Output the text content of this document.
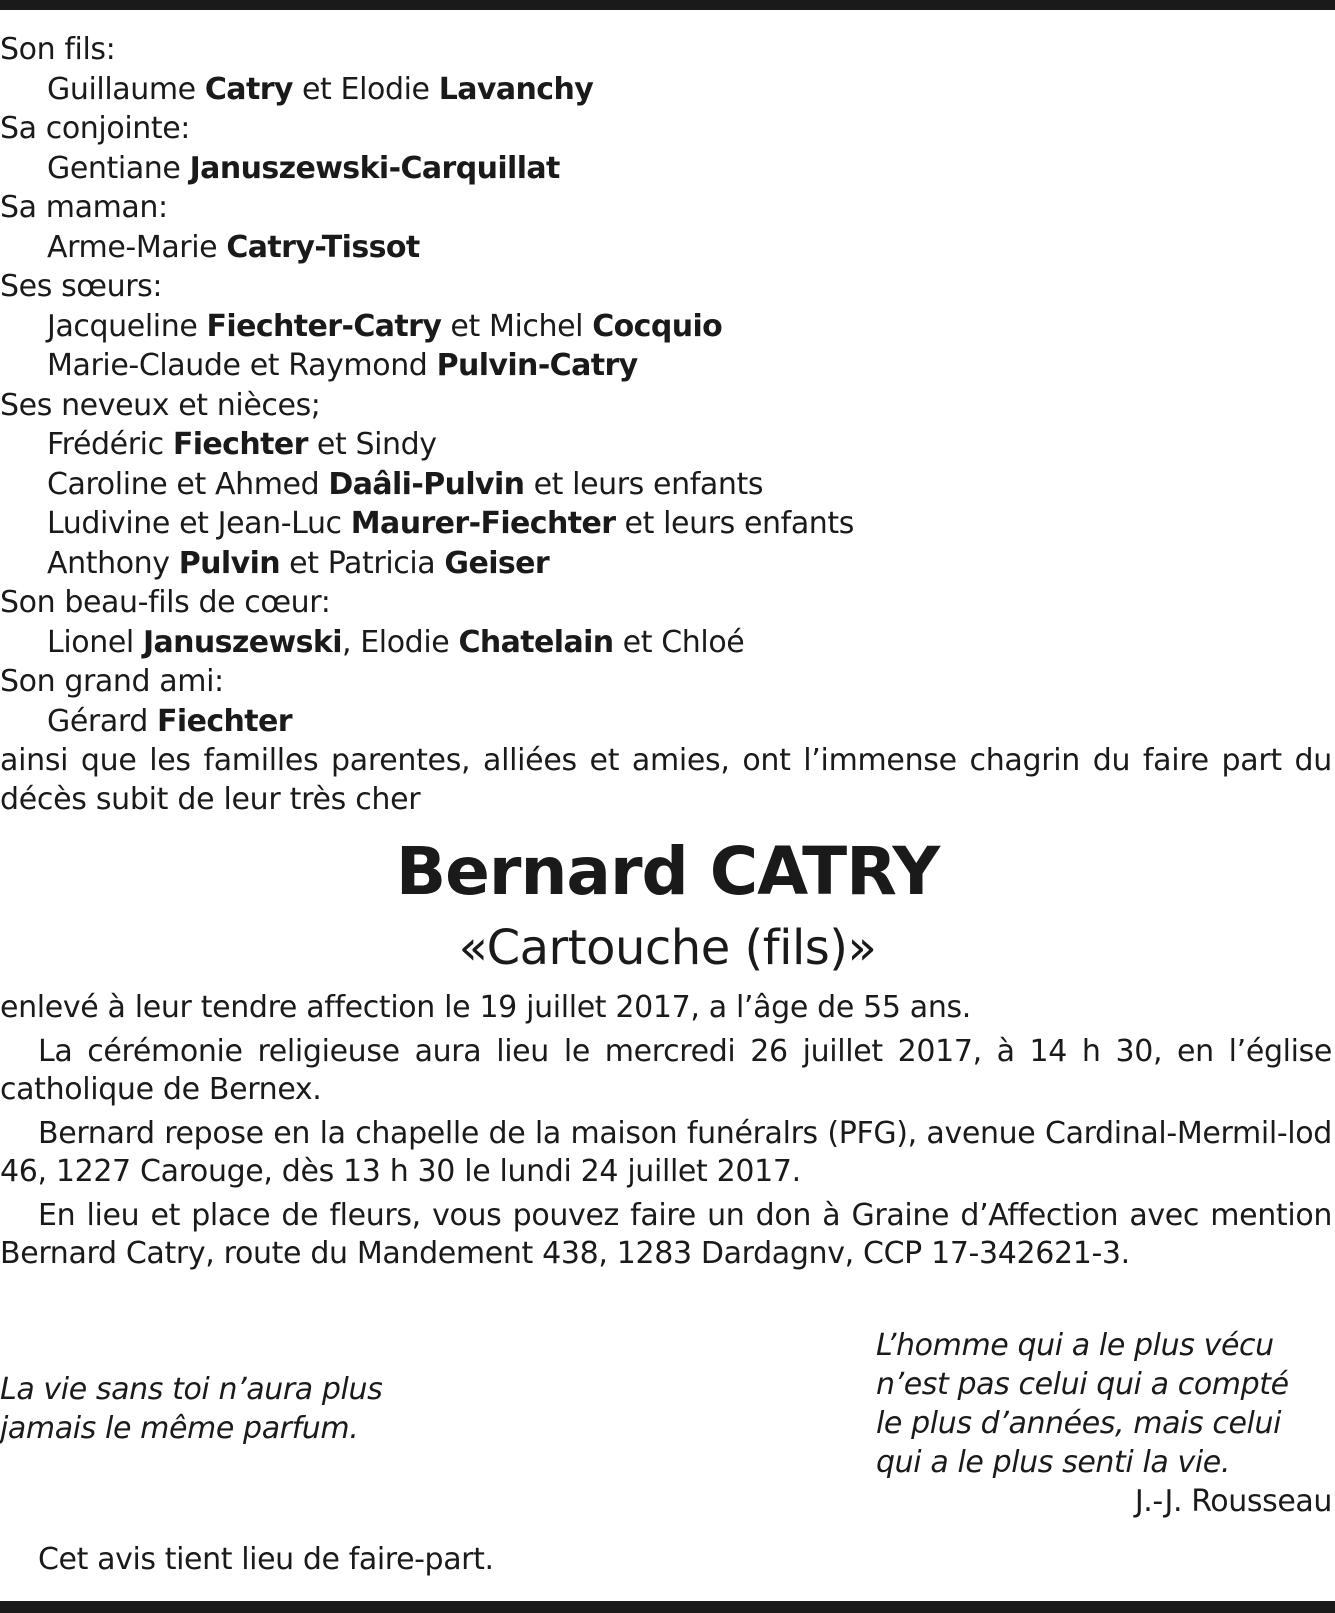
Son fils:
Guillaume Catry et Elodie Lavanchy
Sa conjointe:
Gentiane Januszewski-Carquillat
Sa maman:
Arme-Marie Catry-Tissot
Ses sœurs:
Jacqueline Fiechter-Catry et Michel Cocquio
Marie-Claude et Raymond Pulvin-Catry
Ses neveux et nièces;
Frédéric Fiechter et Sindy
Caroline et Ahmed Daâli-Pulvin et leurs enfants
Ludivine et Jean-Luc Maurer-Fiechter et leurs enfants
Anthony Pulvin et Patricia Geiser
Son beau-fils de cœur:
Lionel Januszewski, Elodie Chatelain et Chloé
Son grand ami:
Gérard Fiechter

ainsi que les familles parentes, alliées et amies, ont l’immense chagrin du faire part du décès subit de leur très cher

Bernard CATRY

«Cartouche (fils)»

enlevé à leur tendre affection le 19 juillet 2017, a l’âge de 55 ans.

La cérémonie religieuse aura lieu le mercredi 26 juillet 2017, à 14 h 30, en l’église catholique de Bernex.

Bernard repose en la chapelle de la maison funéralrs (PFG), avenue Cardinal-Mermil-lod 46, 1227 Carouge, dès 13 h 30 le lundi 24 juillet 2017.

En lieu et place de fleurs, vous pouvez faire un don à Graine d’Affection avec mention Bernard Catry, route du Mandement 438, 1283 Dardagnv, CCP 17-342621-3.

La vie sans toi n’aura plus
jamais le même parfum.
L’homme qui a le plus vécu
n’est pas celui qui a compté
le plus d’années, mais celui
qui a le plus senti la vie.
J.-J. Rousseau
Cet avis tient lieu de faire-part.
